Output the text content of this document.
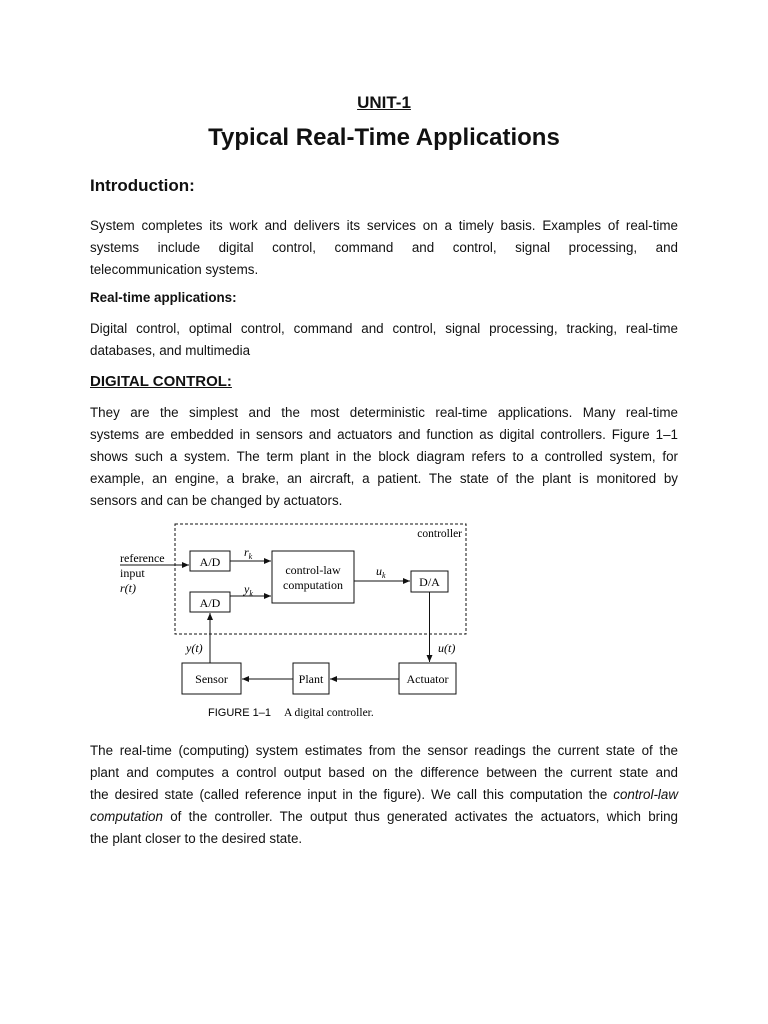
UNIT-1
Typical Real-Time Applications
Introduction:
System completes its work and delivers its services on a timely basis. Examples of real-time
systems include digital control, command and control, signal processing, and
telecommunication systems.
Real-time applications:
Digital control, optimal control, command and control, signal processing, tracking, real-time
databases, and multimedia
DIGITAL CONTROL:
They are the simplest and the most deterministic real-time applications. Many real-time
systems are embedded in sensors and actuators and function as digital controllers. Figure 1–1
shows such a system. The term plant in the block diagram refers to a controlled system, for
example, an engine, a brake, an aircraft, a patient. The state of the plant is monitored by
sensors and can be changed by actuators.
controller
reference
input
r(t)
A/D
A/D
$r_k$
$y_k$
control-law
computation
$u_k$	D/A
u(t)
Actuator
Plant
Sensor
y(t)
FIGURE 1–1 A digital controller.
The real-time (computing) system estimates from the sensor readings the current state of the
plant and computes a control output based on the difference between the current state and
the desired state (called reference input in the figure). We call this computation the control-law
computation of the controller. The output thus generated activates the actuators, which bring
the plant closer to the desired state.
